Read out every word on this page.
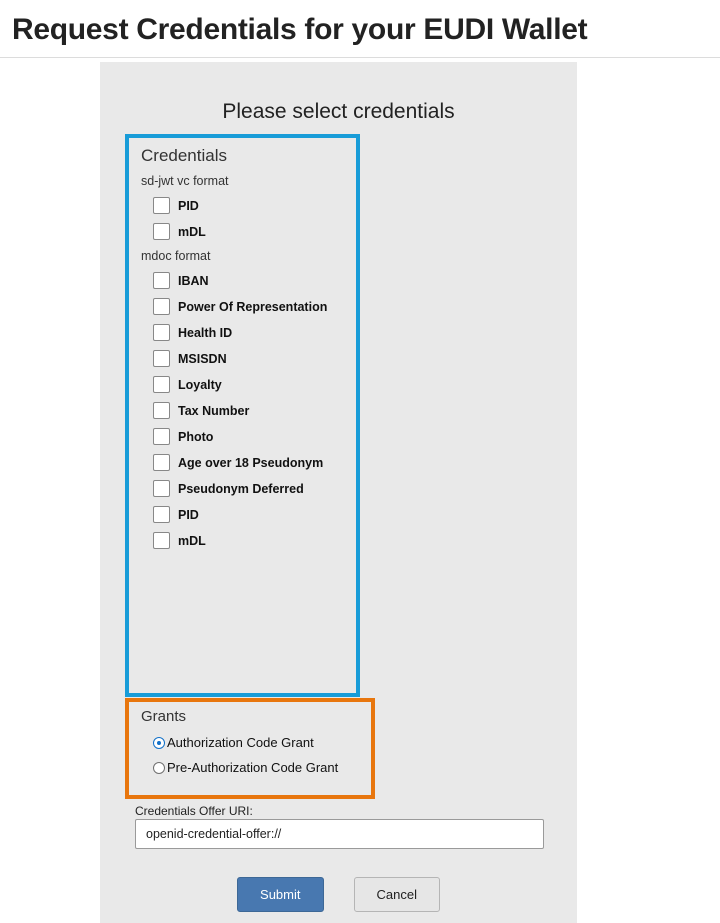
Request Credentials for your EUDI Wallet
Please select credentials
Credentials
sd-jwt vc format
PID
mDL
mdoc format
IBAN
Power Of Representation
Health ID
MSISDN
Loyalty
Tax Number
Photo
Age over 18 Pseudonym
Pseudonym Deferred
PID
mDL
Grants
Authorization Code Grant
Pre-Authorization Code Grant
Credentials Offer URI:
openid-credential-offer://
Submit	Cancel
